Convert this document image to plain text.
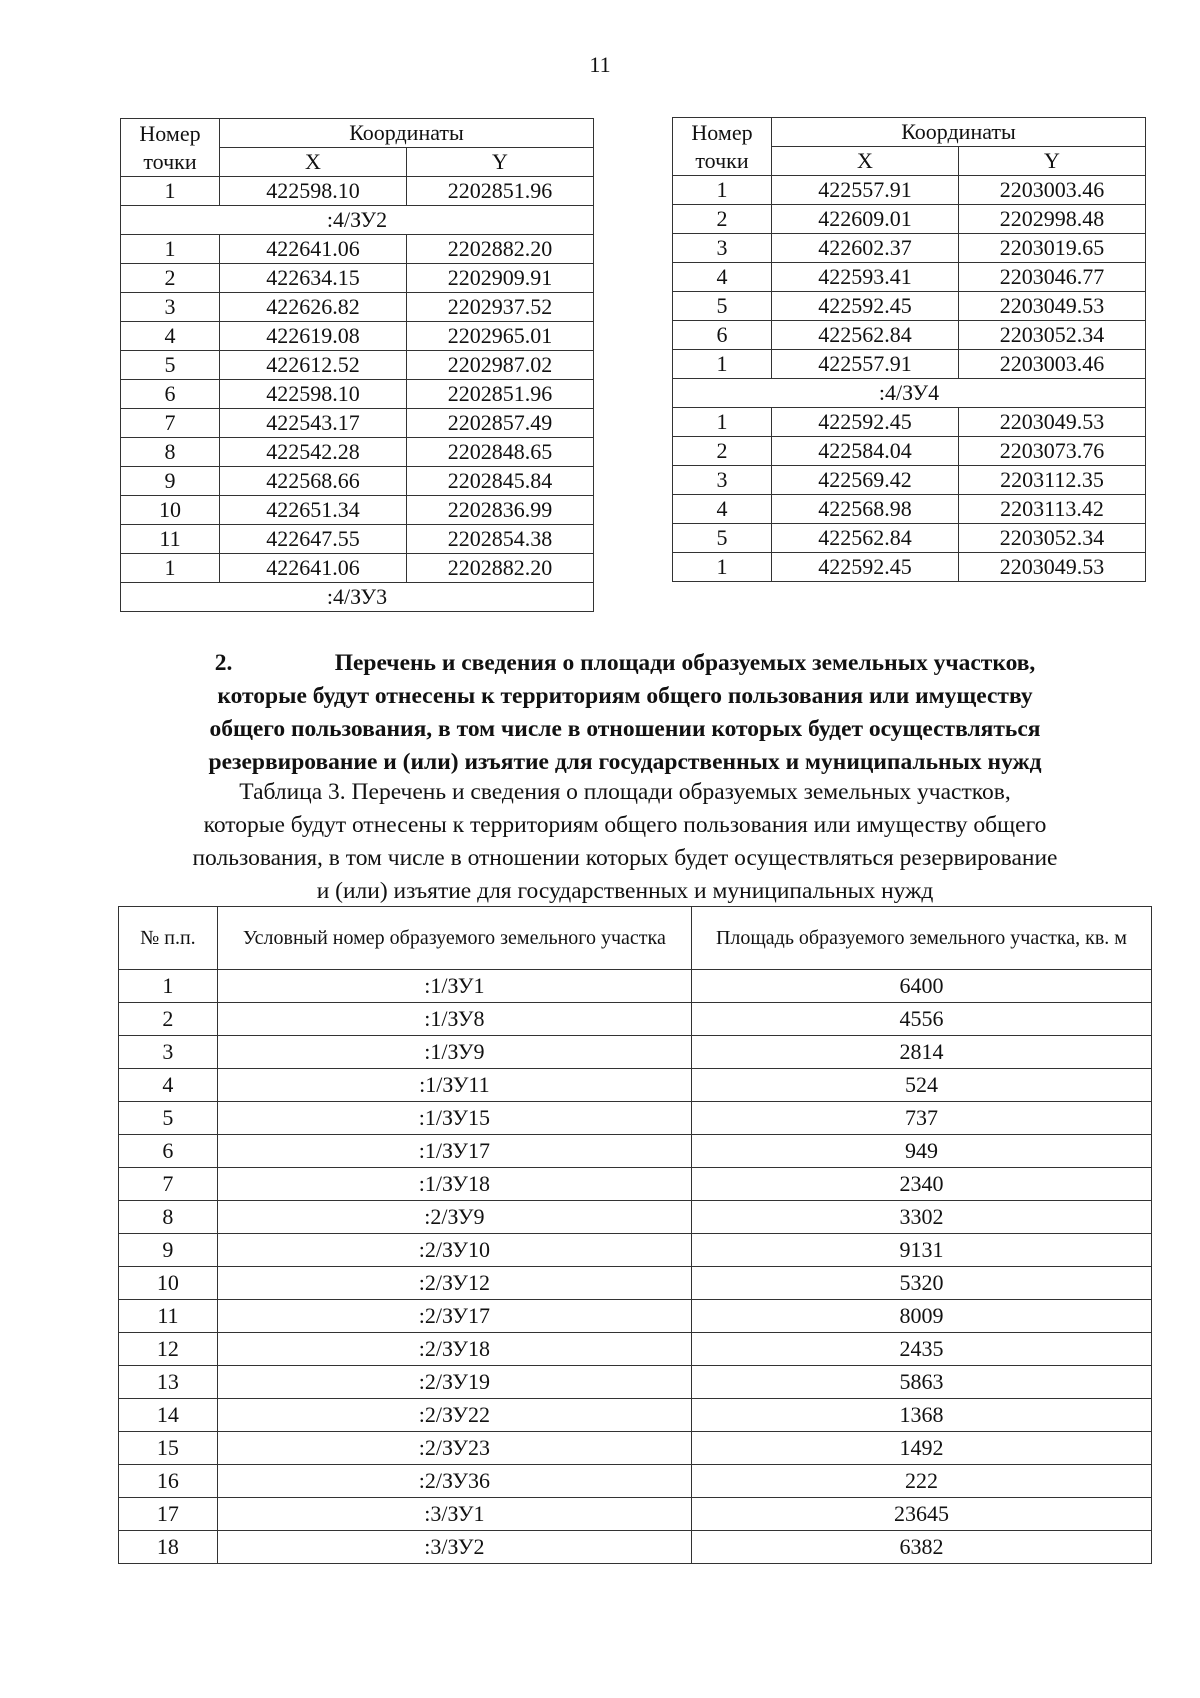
11
Номер точки	Координаты	
	X	Y
1	422598.10	2202851.96
:4/ЗУ2		
1	422641.06	2202882.20
2	422634.15	2202909.91
3	422626.82	2202937.52
4	422619.08	2202965.01
5	422612.52	2202987.02
6	422598.10	2202851.96
7	422543.17	2202857.49
8	422542.28	2202848.65
9	422568.66	2202845.84
10	422651.34	2202836.99
11	422647.55	2202854.38
1	422641.06	2202882.20
:4/ЗУ3		
Номер точки	Координаты	
	X	Y
1	422557.91	2203003.46
2	422609.01	2202998.48
3	422602.37	2203019.65
4	422593.41	2203046.77
5	422592.45	2203049.53
6	422562.84	2203052.34
1	422557.91	2203003.46
:4/ЗУ4		
1	422592.45	2203049.53
2	422584.04	2203073.76
3	422569.42	2203112.35
4	422568.98	2203113.42
5	422562.84	2203052.34
1	422592.45	2203049.53
2.	Перечень и сведения о площади образуемых земельных участков,
которые будут отнесены к территориям общего пользования или имуществу
общего пользования, в том числе в отношении которых будет осуществляться
резервирование и (или) изъятие для государственных и муниципальных нужд
Таблица 3. Перечень и сведения о площади образуемых земельных участков,
которые будут отнесены к территориям общего пользования или имуществу общего
пользования, в том числе в отношении которых будет осуществляться резервирование
и (или) изъятие для государственных и муниципальных нужд
№ п.п.	Условный номер образуемого земельного участка	Площадь образуемого земельного участка, кв. м
1	:1/ЗУ1	6400
2	:1/ЗУ8	4556
3	:1/ЗУ9	2814
4	:1/ЗУ11	524
5	:1/ЗУ15	737
6	:1/ЗУ17	949
7	:1/ЗУ18	2340
8	:2/ЗУ9	3302
9	:2/ЗУ10	9131
10	:2/ЗУ12	5320
11	:2/ЗУ17	8009
12	:2/ЗУ18	2435
13	:2/ЗУ19	5863
14	:2/ЗУ22	1368
15	:2/ЗУ23	1492
16	:2/ЗУ36	222
17	:3/ЗУ1	23645
18	:3/ЗУ2	6382
